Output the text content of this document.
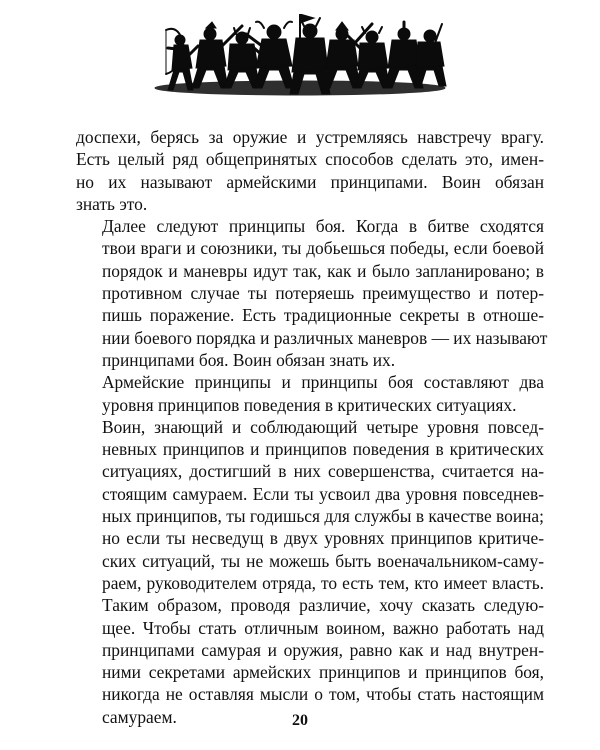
доспехи, берясь за оружие и устремляясь навстречу врагу.
Есть целый ряд общепринятых способов сделать это, имен-
но их называют армейскими принципами. Воин обязан
знать это.

Далее следуют принципы боя. Когда в битве сходятся
твои враги и союзники, ты добьешься победы, если боевой
порядок и маневры идут так, как и было запланировано; в
противном случае ты потеряешь преимущество и потер-
пишь поражение. Есть традиционные секреты в отноше-
нии боевого порядка и различных маневров — их называют
принципами боя. Воин обязан знать их.

Армейские принципы и принципы боя составляют два
уровня принципов поведения в критических ситуациях.

Воин, знающий и соблюдающий четыре уровня повсед-
невных принципов и принципов поведения в критических
ситуациях, достигший в них совершенства, считается на-
стоящим самураем. Если ты усвоил два уровня повседнев-
ных принципов, ты годишься для службы в качестве воина;
но если ты несведущ в двух уровнях принципов критиче-
ских ситуаций, ты не можешь быть военачальником-саму-
раем, руководителем отряда, то есть тем, кто имеет власть.
Таким образом, проводя различие, хочу сказать следую-
щее. Чтобы стать отличным воином, важно работать над
принципами самурая и оружия, равно как и над внутрен-
ними секретами армейских принципов и принципов боя,
никогда не оставляя мысли о том, чтобы стать настоящим
самураем.	20
